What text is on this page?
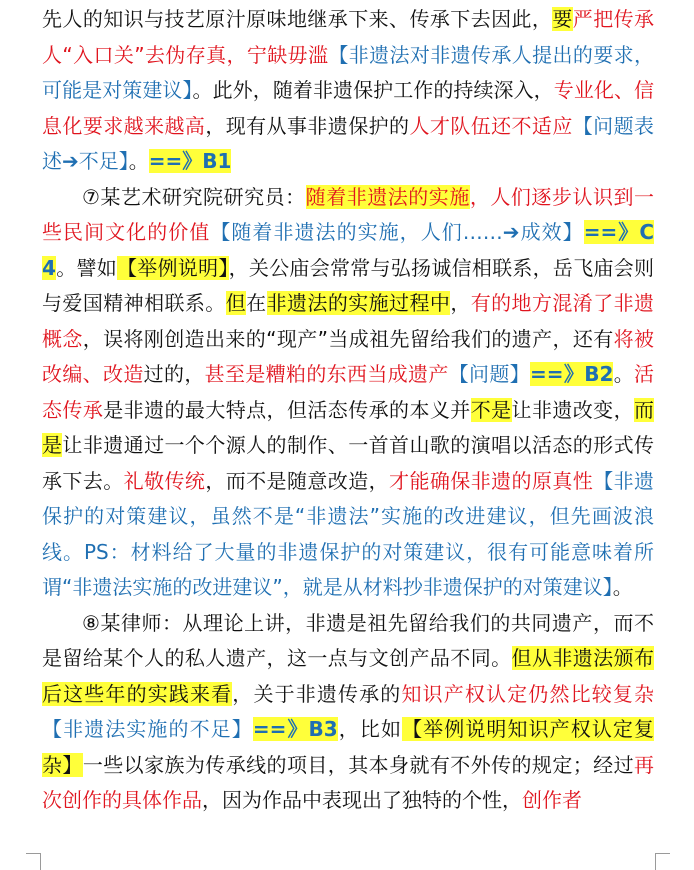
先人的知识与技艺原汁原味地继承下来、传承下去因此，要严把传承人“入口关”去伪存真，宁缺毋滥【非遗法对非遗传承人提出的要求，可能是对策建议】。此外，随着非遗保护工作的持续深入，专业化、信息化要求越来越高，现有从事非遗保护的人才队伍还不适应【问题表述➔不足】。==》B1

⑦某艺术研究院研究员：随着非遗法的实施，人们逐步认识到一些民间文化的价值【随着非遗法的实施，人们……➔成效】==》C4。譬如【举例说明】，关公庙会常常与弘扬诚信相联系，岳飞庙会则与爱国精神相联系。但在非遗法的实施过程中，有的地方混淆了非遗概念，误将刚创造出来的“现产”当成祖先留给我们的遗产，还有将被改编、改造过的，甚至是糟粕的东西当成遗产【问题】==》B2。活态传承是非遗的最大特点，但活态传承的本义并不是让非遗改变，而是让非遗通过一个个源人的制作、一首首山歌的演唱以活态的形式传承下去。礼敬传统，而不是随意改造，才能确保非遗的原真性【非遗保护的对策建议，虽然不是“非遗法”实施的改进建议，但先画波浪线。PS：材料给了大量的非遗保护的对策建议，很有可能意味着所谓“非遗法实施的改进建议”，就是从材料抄非遗保护的对策建议】。

⑧某律师：从理论上讲，非遗是祖先留给我们的共同遗产，而不是留给某个人的私人遗产，这一点与文创产品不同。但从非遗法颁布后这些年的实践来看，关于非遗传承的知识产权认定仍然比较复杂【非遗法实施的不足】==》B3，比如【举例说明知识产权认定复杂】一些以家族为传承线的项目，其本身就有不外传的规定；经过再次创作的具体作品，因为作品中表现出了独特的个性，创作者
